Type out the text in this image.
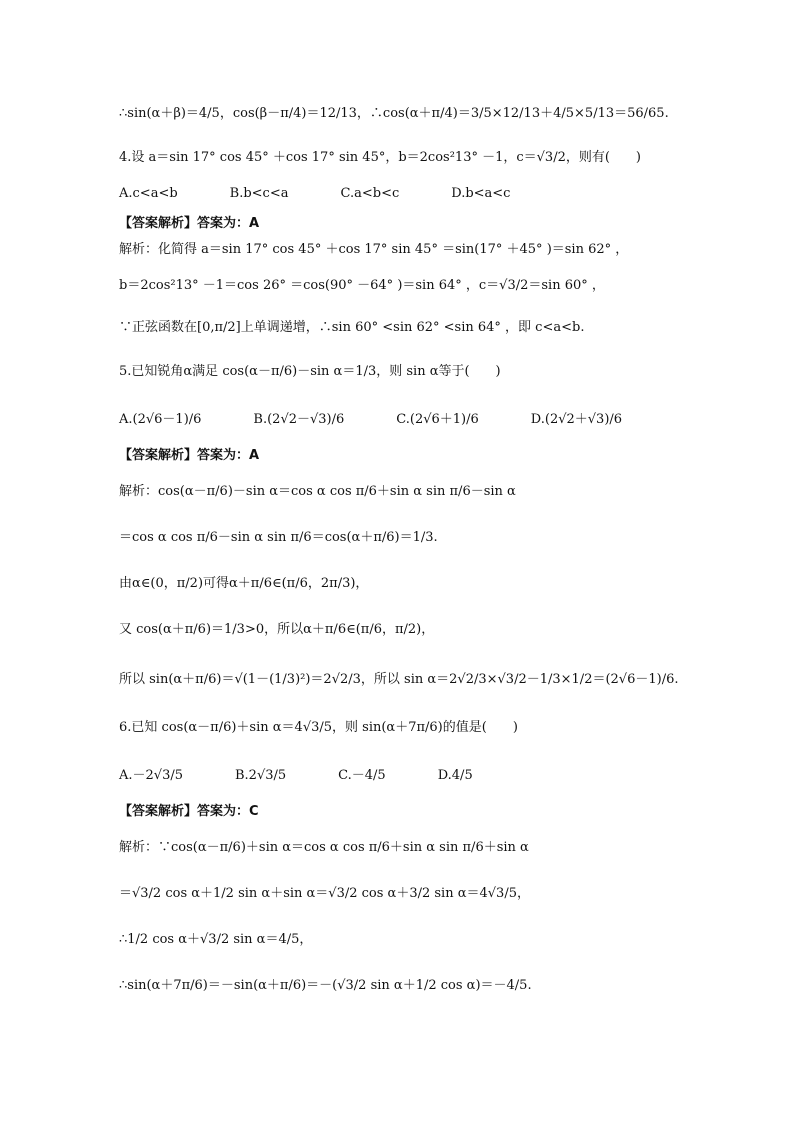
∴sin(α＋β)＝4/5，cos(β－π/4)＝12/13，∴cos(α＋π/4)＝3/5×12/13＋4/5×5/13＝56/65.
4.设 a＝sin 17° cos 45° ＋cos 17° sin 45°，b＝2cos²13° －1，c＝√3/2，则有(　　)
A.c<a<b　　　　B.b<c<a　　　　C.a<b<c　　　　D.b<a<c
【答案解析】答案为：A
解析：化简得 a＝sin 17° cos 45° ＋cos 17° sin 45° ＝sin(17° ＋45° )＝sin 62° ，
b＝2cos²13° －1＝cos 26° ＝cos(90° －64° )＝sin 64° ，c＝√3/2＝sin 60° ，
∵正弦函数在[0,π/2]上单调递增，∴sin 60° <sin 62° <sin 64° ，即 c<a<b.
5.已知锐角α满足 cos(α－π/6)－sin α＝1/3，则 sin α等于(　　)
A.(2√6－1)/6　　　　B.(2√2－√3)/6　　　　C.(2√6＋1)/6　　　　D.(2√2＋√3)/6
【答案解析】答案为：A
解析：cos(α－π/6)－sin α＝cos α cos π/6＋sin α sin π/6－sin α
＝cos α cos π/6－sin α sin π/6＝cos(α＋π/6)＝1/3.
由α∈(0，π/2)可得α＋π/6∈(π/6，2π/3)，
又 cos(α＋π/6)＝1/3>0，所以α＋π/6∈(π/6，π/2)，
所以 sin(α＋π/6)＝√(1－(1/3)²)＝2√2/3，所以 sin α＝2√2/3×√3/2－1/3×1/2＝(2√6－1)/6.
6.已知 cos(α－π/6)＋sin α＝4√3/5，则 sin(α＋7π/6)的值是(　　)
A.－2√3/5　　　　B.2√3/5　　　　C.－4/5　　　　D.4/5
【答案解析】答案为：C
解析：∵cos(α－π/6)＋sin α＝cos α cos π/6＋sin α sin π/6＋sin α
＝√3/2 cos α＋1/2 sin α＋sin α＝√3/2 cos α＋3/2 sin α＝4√3/5，
∴1/2 cos α＋√3/2 sin α＝4/5，
∴sin(α＋7π/6)＝－sin(α＋π/6)＝－(√3/2 sin α＋1/2 cos α)＝－4/5.
